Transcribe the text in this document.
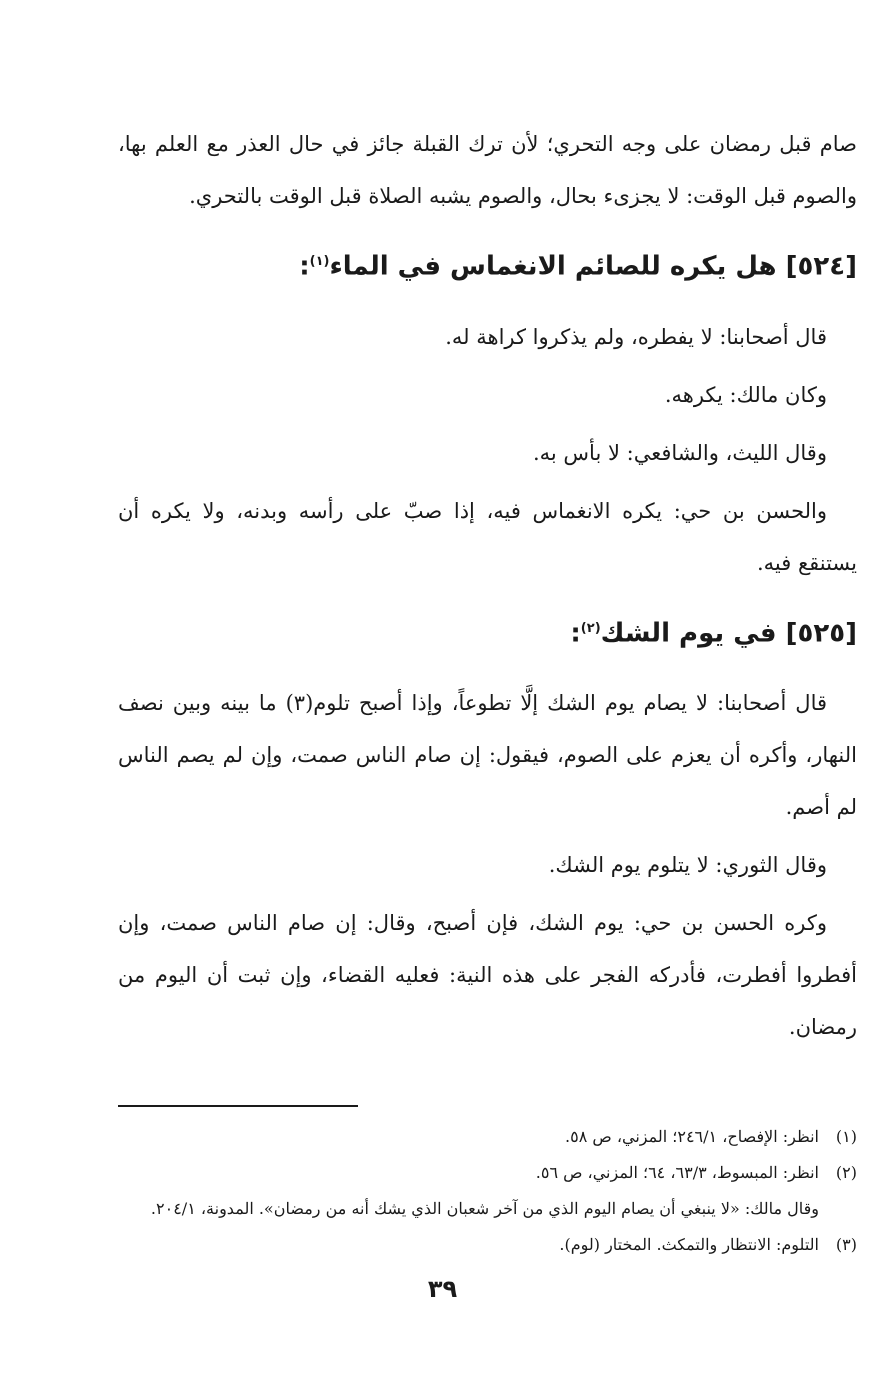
صام قبل رمضان على وجه التحري؛ لأن ترك القبلة جائز في حال العذر مع العلم بها، والصوم قبل الوقت: لا يجزىء بحال، والصوم يشبه الصلاة قبل الوقت بالتحري.

[٥٢٤] هل يكره للصائم الانغماس في الماء$^{(١)}$:

قال أصحابنا: لا يفطره، ولم يذكروا كراهة له.

وكان مالك: يكرهه.

وقال الليث، والشافعي: لا بأس به.

والحسن بن حي: يكره الانغماس فيه، إذا صبّ على رأسه وبدنه، ولا يكره أن يستنقع فيه.

[٥٢٥] في يوم الشك$^{(٢)}$:

قال أصحابنا: لا يصام يوم الشك إلَّا تطوعاً، وإذا أصبح تلوم(٣) ما بينه وبين نصف النهار، وأكره أن يعزم على الصوم، فيقول: إن صام الناس صمت، وإن لم يصم الناس لم أصم.

وقال الثوري: لا يتلوم يوم الشك.

وكره الحسن بن حي: يوم الشك، فإن أصبح، وقال: إن صام الناس صمت، وإن أفطروا أفطرت، فأدركه الفجر على هذه النية: فعليه القضاء، وإن ثبت أن اليوم من رمضان.

(١)انظر: الإفصاح، ٢٤٦/١؛ المزني، ص ٥٨.

(٢)انظر: المبسوط، ٦٣/٣، ٦٤؛ المزني، ص ٥٦.

وقال مالك: «لا ينبغي أن يصام اليوم الذي من آخر شعبان الذي يشك أنه من رمضان». المدونة، ٢٠٤/١.

(٣)التلوم: الانتظار والتمكث. المختار (لوم).

٣٩
